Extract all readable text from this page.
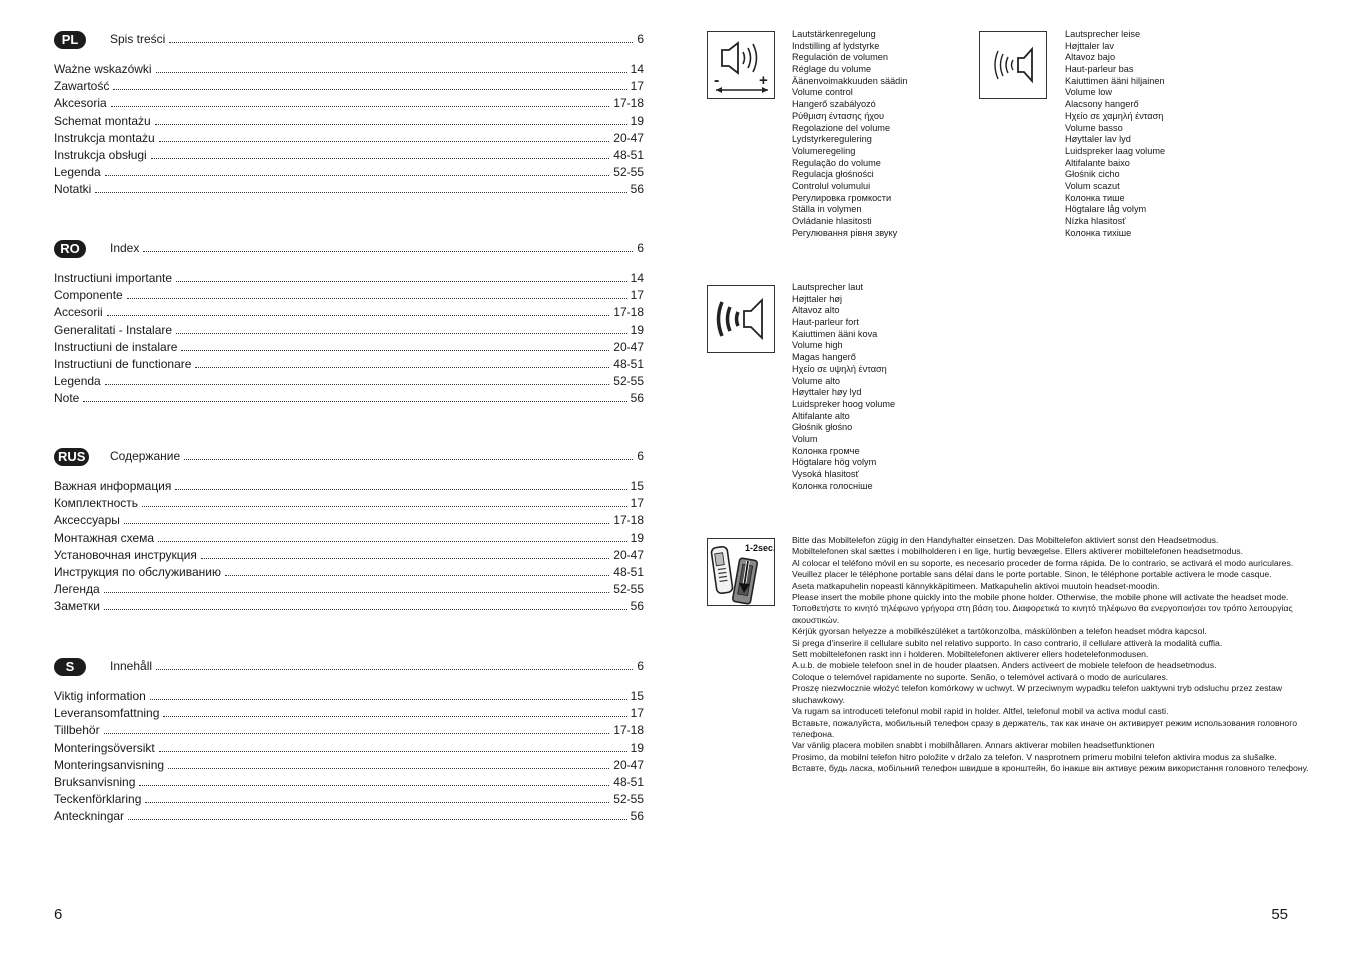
PL	Spis treści	6
Ważne wskazówki	14
Zawartość	17
Akcesoria	17-18
Schemat montażu	19
Instrukcja montażu	20-47
Instrukcja obsługi	48-51
Legenda	52-55
Notatki	56
RO	Index	6
Instructiuni importante	14
Componente	17
Accesorii	17-18
Generalitati - Instalare	19
Instructiuni de instalare	20-47
Instructiuni de functionare	48-51
Legenda	52-55
Note	56
RUS	Содержание	6
Важная информация	15
Комплектность	17
Аксессуары	17-18
Монтажная схема	19
Установочная инструкция	20-47
Инструкция по обслуживанию	48-51
Легенда	52-55
Заметки	56
S	Innehåll	6
Viktig information	15
Leveransomfattning	17
Tillbehör	17-18
Monteringsöversikt	19
Monteringsanvisning	20-47
Bruksanvisning	48-51
Teckenförklaring	52-55
Anteckningar	56
6
-	+
Lautstärkenregelung
Indstilling af lydstyrke
Regulación de volumen
Réglage du volume
Äänenvoimakkuuden säädin
Volume control
Hangerő szabályozó
Ρύθμιση έντασης ήχου
Regolazione del volume
Lydstyrkeregulering
Volumeregeling
Regulação do volume
Regulacja głośności
Controlul volumului
Регулировка громкости
Ställa in volymen
Ovládanie hlasitosti
Регулювання рівня звуку
Lautsprecher leise
Højttaler lav
Altavoz bajo
Haut-parleur bas
Kaiuttimen ääni hiljainen
Volume low
Alacsony hangerő
Ηχείο σε χαμηλή ένταση
Volume basso
Høyttaler lav lyd
Luidspreker laag volume
Altifalante baixo
Głośnik cicho
Volum scazut
Колонка тише
Högtalare låg volym
Nízka hlasitosť
Колонка тихіше
Lautsprecher laut
Højttaler høj
Altavoz alto
Haut-parleur fort
Kaiuttimen ääni kova
Volume high
Magas hangerő
Ηχείο σε υψηλή ένταση
Volume alto
Høyttaler høy lyd
Luidspreker hoog volume
Altifalante alto
Głośnik głośno
Volum
Колонка громче
Högtalare hög volym
Vysoká hlasitosť
Колонка голосніше
1-2sec.

Bitte das Mobiltelefon zügig in den Handyhalter einsetzen. Das Mobiltelefon aktiviert sonst den Headsetmodus.

Mobiltelefonen skal sættes i mobilholderen i en lige, hurtig bevægelse. Ellers aktiverer mobiltelefonen headsetmodus.

Al colocar el teléfono móvil en su soporte, es necesario proceder de forma rápida. De lo contrario, se activará el modo auriculares.

Veuillez placer le téléphone portable sans délai dans le porte portable. Sinon, le téléphone portable activera le mode casque.

Aseta matkapuhelin nopeasti kännykkäpitimeen. Matkapuhelin aktivoi muutoin headset-moodin.

Please insert the mobile phone quickly into the mobile phone holder. Otherwise, the mobile phone will activate the headset mode.

Τοποθετήστε το κινητό τηλέφωνο γρήγορα στη βάση του. Διαφορετικά το κινητό τηλέφωνο θα ενεργοποιήσει τον τρόπο λειτουργίας ακουστικών.

Kérjük gyorsan helyezze a mobilkészüléket a tartókonzolba, máskülönben a telefon headset módra kapcsol.

Si prega d'inserire il cellulare subito nel relativo supporto. In caso contrario, il cellulare attiverà la modalità cuffia.

Sett mobiltelefonen raskt inn i holderen. Mobiltelefonen aktiverer ellers hodetelefonmodusen.

A.u.b. de mobiele telefoon snel in de houder plaatsen. Anders activeert de mobiele telefoon de headsetmodus.

Coloque o telemóvel rapidamente no suporte. Senão, o telemóvel activará o modo de auriculares.

Proszę niezwłocznie włożyć telefon komórkowy w uchwyt. W przeciwnym wypadku telefon uaktywni tryb odsluchu przez zestaw słuchawkowy.

Va rugam sa introduceti telefonul mobil rapid in holder. Altfel, telefonul mobil va activa modul casti.

Вставьте, пожалуйста, мобильный телефон сразу в держатель, так как иначе он активирует режим использования головного телефона.

Var vänlig placera mobilen snabbt i mobilhållaren. Annars aktiverar mobilen headsetfunktionen

Prosimo, da mobilni telefon hitro položite v držalo za telefon. V nasprotnem primeru mobilni telefon aktivira modus za slušalke.

Вставте, будь ласка, мобільний телефон швидше в кронштейн, бо інакше він активує режим використання головного телефону.

55
